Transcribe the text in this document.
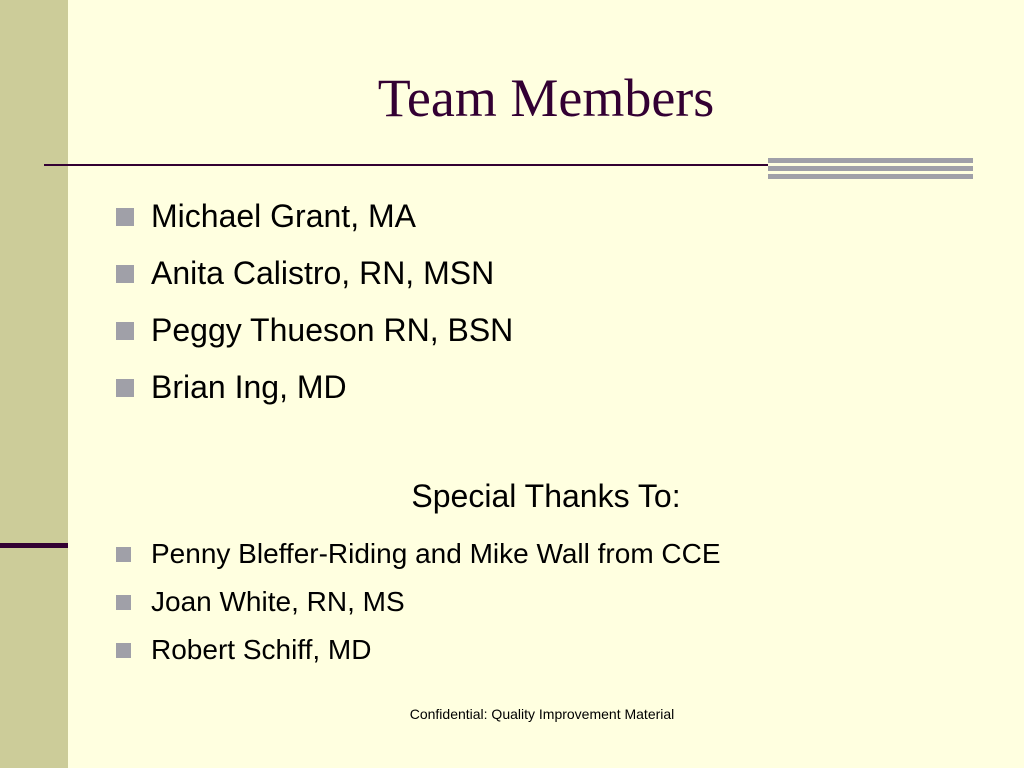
Team Members
Michael Grant, MA
Anita Calistro, RN, MSN
Peggy Thueson RN, BSN
Brian Ing, MD
Special Thanks To:
Penny Bleffer-Riding and Mike Wall from CCE
Joan White, RN, MS
Robert Schiff, MD
Confidential: Quality Improvement Material
